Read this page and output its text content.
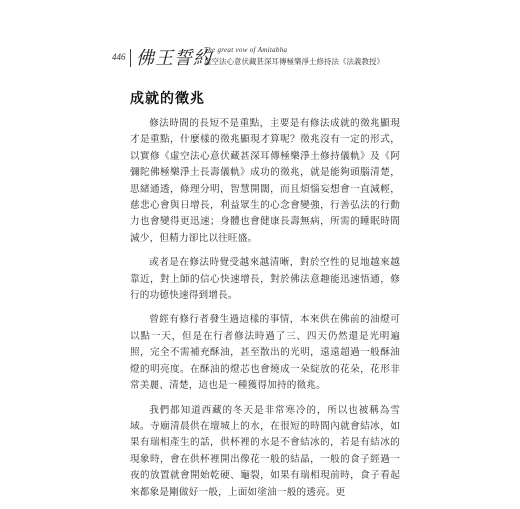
446 佛王誓約
The great vow of Amitabha
虛空法心意伏藏甚深耳傳極樂淨土修持法《法義教授》
成就的徵兆

修法時間的長短不是重點，主要是有修法成就的徵兆顯現才是重點，什麼樣的徵兆顯現才算呢？徵兆沒有一定的形式，以實修《虛空法心意伏藏甚深耳傳極樂淨土修持儀軌》及《阿彌陀佛極樂淨土長壽儀軌》成功的徵兆，就是能夠頭腦清楚，思緒通透，條理分明，智慧開闊，而且煩惱妄想會一直減輕，慈悲心會與日增長，利益眾生的心念會變強，行善弘法的行動力也會變得更迅速；身體也會健康長壽無病，所需的睡眠時間減少，但精力卻比以往旺盛。

或者是在修法時覺受越來越清晰，對於空性的見地越來越靠近，對上師的信心快速增長，對於佛法意趣能迅速悟通，修行的功德快速得到增長。

曾經有修行者發生過這樣的事情，本來供在佛前的油燈可以點一天，但是在行者修法時過了三、四天仍然還是光明遍照，完全不需補充酥油，甚至散出的光明，遠遠超過一般酥油燈的明亮度。在酥油的燈芯也會燒成一朵綻放的花朵，花形非常美麗、清楚，這也是一種獲得加持的徵兆。

我們都知道西藏的冬天是非常寒冷的，所以也被稱為雪域。寺廟清晨供在壇城上的水，在很短的時間內就會結冰，如果有瑞相產生的話，供杯裡的水是不會結冰的，若是有結冰的現象時，會在供杯裡開出像花一般的結晶，一般的食子經過一夜的放置就會開始乾硬、龜裂，如果有瑞相現前時，食子看起來都象是剛做好一般，上面如塗油一般的透亮。更
